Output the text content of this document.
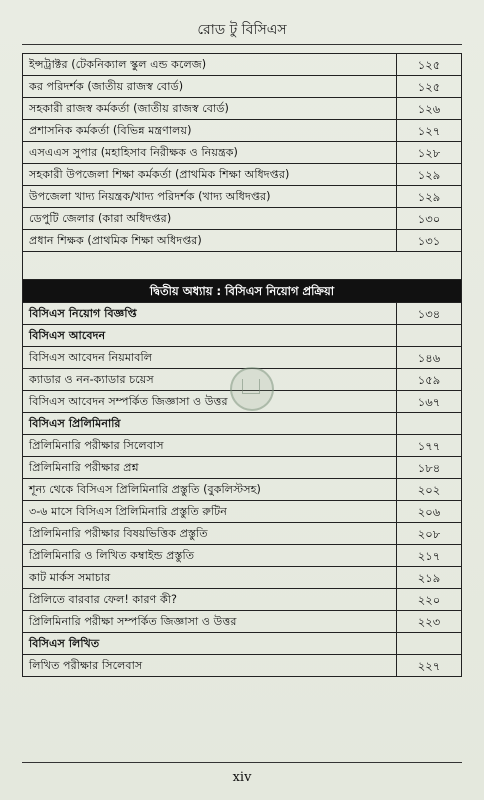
রোড টু বিসিএস
ইন্সট্রাক্টর (টেকনিক্যাল স্কুল এন্ড কলেজ)	১২৫
কর পরিদর্শক (জাতীয় রাজস্ব বোর্ড)	১২৫
সহকারী রাজস্ব কর্মকর্তা (জাতীয় রাজস্ব বোর্ড)	১২৬
প্রশাসনিক কর্মকর্তা (বিভিন্ন মন্ত্রণালয়)	১২৭
এসএএস সুপার (মহাহিসাব নিরীক্ষক ও নিয়ন্ত্রক)	১২৮
সহকারী উপজেলা শিক্ষা কর্মকর্তা (প্রাথমিক শিক্ষা অধিদপ্তর)	১২৯
উপজেলা খাদ্য নিয়ন্ত্রক/খাদ্য পরিদর্শক (খাদ্য অধিদপ্তর)	১২৯
ডেপুটি জেলার (কারা অধিদপ্তর)	১৩০
প্রধান শিক্ষক (প্রাথমিক শিক্ষা অধিদপ্তর)	১৩১

দ্বিতীয় অধ্যায় : বিসিএস নিয়োগ প্রক্রিয়া	
বিসিএস নিয়োগ বিজ্ঞপ্তি	১৩৪
বিসিএস আবেদন	
বিসিএস আবেদন নিয়মাবলি	১৪৬
ক্যাডার ও নন-ক্যাডার চয়েস	১৫৯
বিসিএস আবেদন সম্পর্কিত জিজ্ঞাসা ও উত্তর	১৬৭
বিসিএস প্রিলিমিনারি	
প্রিলিমিনারি পরীক্ষার সিলেবাস	১৭৭
প্রিলিমিনারি পরীক্ষার প্রশ্ন	১৮৪
শূন্য থেকে বিসিএস প্রিলিমিনারি প্রস্তুতি (বুকলিস্টসহ)	২০২
৩-৬ মাসে বিসিএস প্রিলিমিনারি প্রস্তুতি রুটিন	২০৬
প্রিলিমিনারি পরীক্ষার বিষয়ভিত্তিক প্রস্তুতি	২০৮
প্রিলিমিনারি ও লিখিত কম্বাইন্ড প্রস্তুতি	২১৭
কাট মার্কস সমাচার	২১৯
প্রিলিতে বারবার ফেল! কারণ কী?	২২০
প্রিলিমিনারি পরীক্ষা সম্পর্কিত জিজ্ঞাসা ও উত্তর	২২৩
বিসিএস লিখিত	
লিখিত পরীক্ষার সিলেবাস	২২৭
xiv
